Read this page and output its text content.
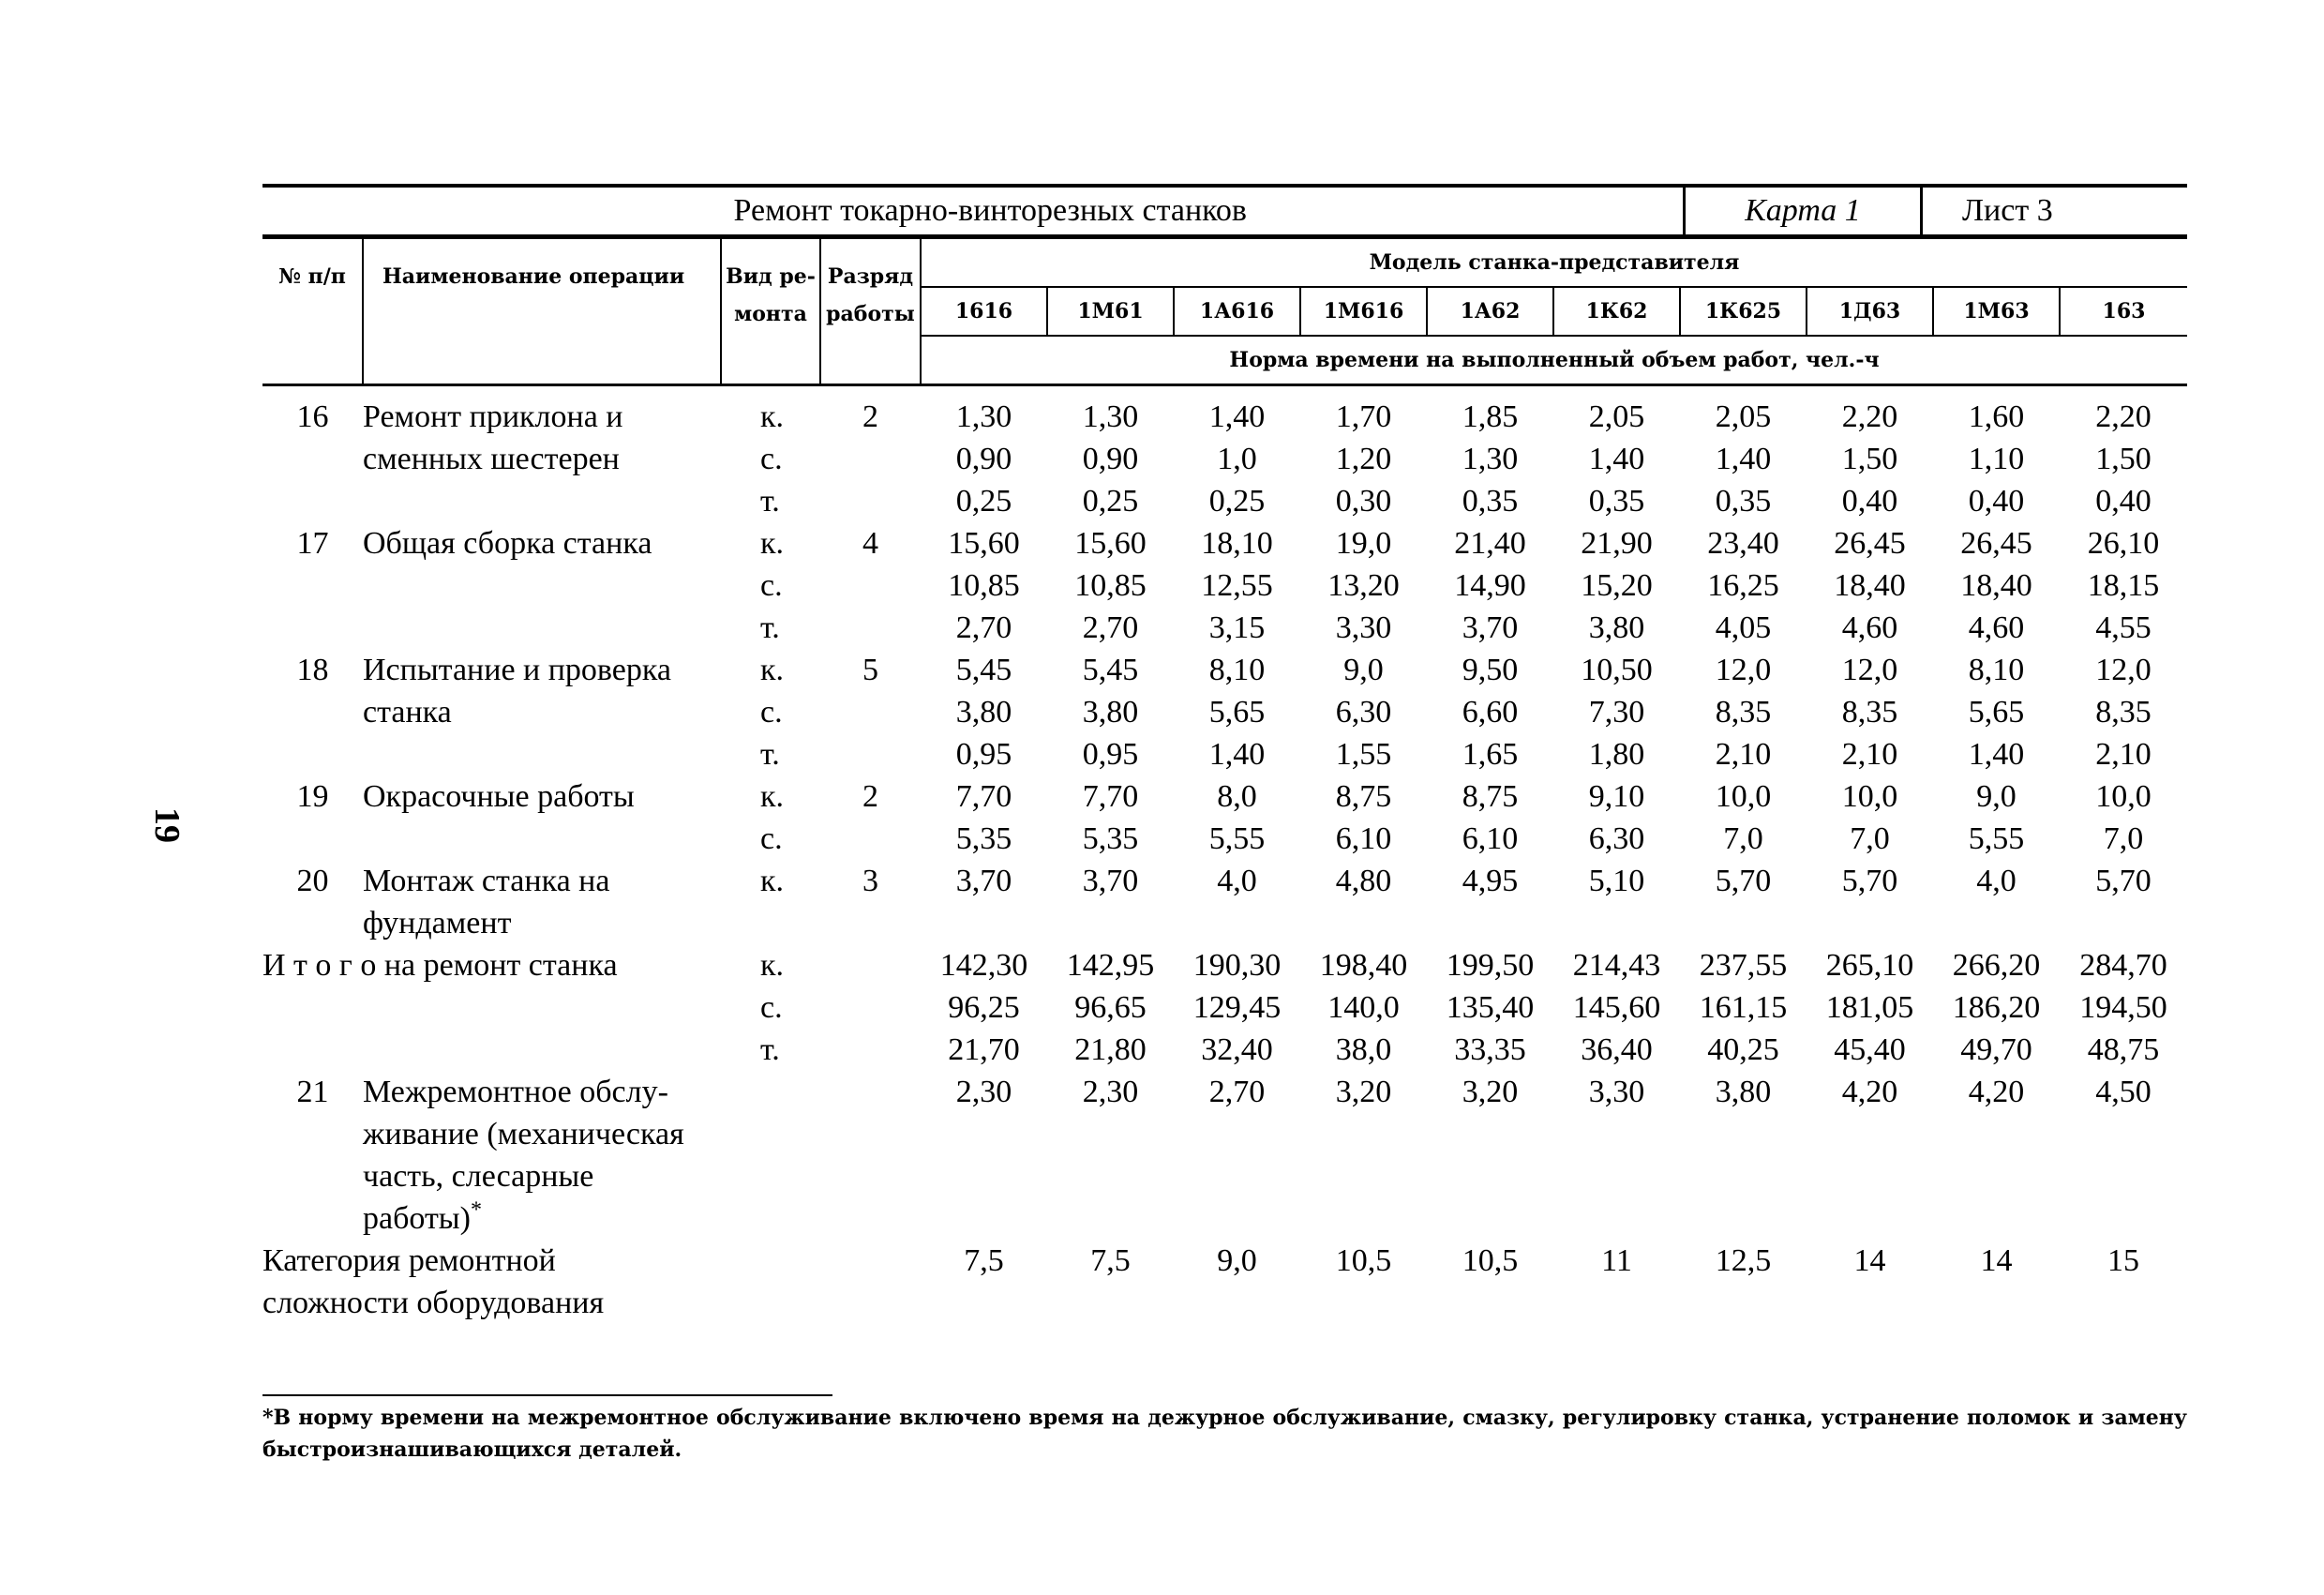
19
Ремонт токарно-винторезных станков	Карта 1	Лист 3
№ п/п	Наименование операции	Вид ре- монта	Разряд работы	Модель станка-представителя									
				1616	1М61	1А616	1М616	1А62	1К62	1К625	1Д63	1М63	163
				Норма времени на выполненный объем работ, чел.-ч									
16	Ремонт приклона и	к.	2	1,30	1,30	1,40	1,70	1,85	2,05	2,05	2,20	1,60	2,20
	сменных шестерен	с.		0,90	0,90	1,0	1,20	1,30	1,40	1,40	1,50	1,10	1,50
		т.		0,25	0,25	0,25	0,30	0,35	0,35	0,35	0,40	0,40	0,40
17	Общая сборка станка	к.	4	15,60	15,60	18,10	19,0	21,40	21,90	23,40	26,45	26,45	26,10
		с.		10,85	10,85	12,55	13,20	14,90	15,20	16,25	18,40	18,40	18,15
		т.		2,70	2,70	3,15	3,30	3,70	3,80	4,05	4,60	4,60	4,55
18	Испытание и проверка	к.	5	5,45	5,45	8,10	9,0	9,50	10,50	12,0	12,0	8,10	12,0
	станка	с.		3,80	3,80	5,65	6,30	6,60	7,30	8,35	8,35	5,65	8,35
		т.		0,95	0,95	1,40	1,55	1,65	1,80	2,10	2,10	1,40	2,10
19	Окрасочные работы	к.	2	7,70	7,70	8,0	8,75	8,75	9,10	10,0	10,0	9,0	10,0
		с.		5,35	5,35	5,55	6,10	6,10	6,30	7,0	7,0	5,55	7,0
20	Монтаж станка на	к.	3	3,70	3,70	4,0	4,80	4,95	5,10	5,70	5,70	4,0	5,70
	фундамент												
И т о г о на ремонт станка		к.		142,30	142,95	190,30	198,40	199,50	214,43	237,55	265,10	266,20	284,70
		с.		96,25	96,65	129,45	140,0	135,40	145,60	161,15	181,05	186,20	194,50
		т.		21,70	21,80	32,40	38,0	33,35	36,40	40,25	45,40	49,70	48,75
21	Межремонтное обслу-			2,30	2,30	2,70	3,20	3,20	3,30	3,80	4,20	4,20	4,50
	живание (механическая												
	часть, слесарные												
	работы)*												
Категория ремонтной				7,5	7,5	9,0	10,5	10,5	11	12,5	14	14	15
сложности оборудования													
*В норму времени на межремонтное обслуживание включено время на дежурное обслуживание, смазку, регулировку станка, устранение поломок и замену быстроизнашивающихся деталей.
